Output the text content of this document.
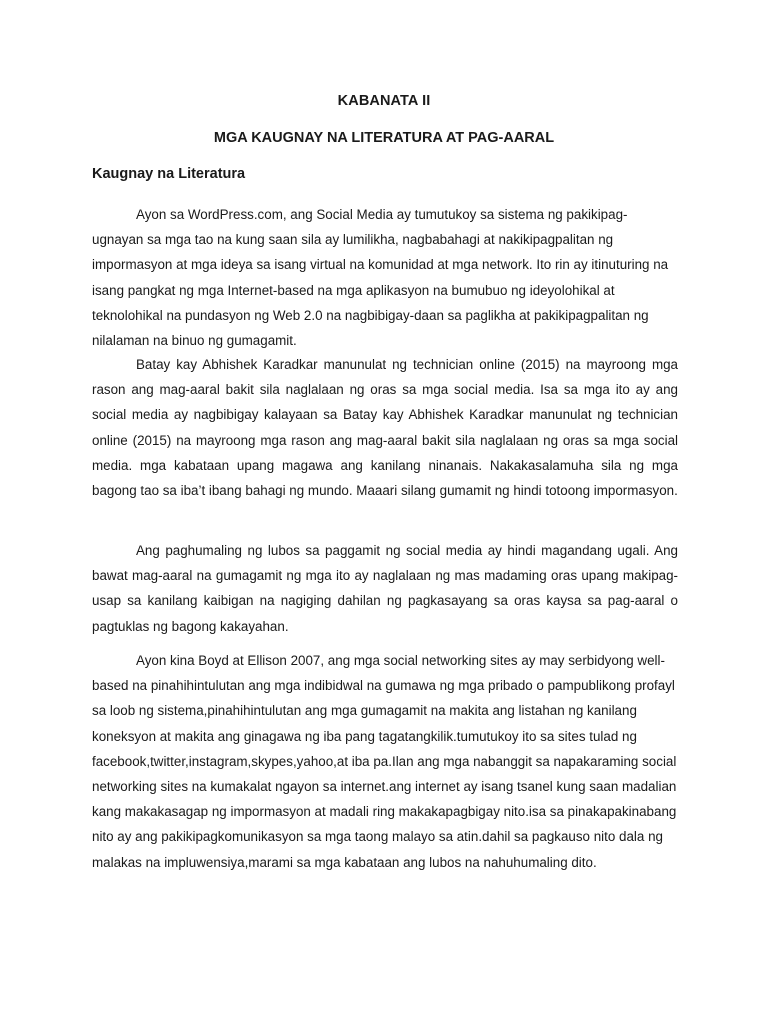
KABANATA II
MGA KAUGNAY NA LITERATURA AT PAG-AARAL
Kaugnay na Literatura

Ayon sa WordPress.com, ang Social Media ay tumutukoy sa sistema ng pakikipag-ugnayan sa mga tao na kung saan sila ay lumilikha, nagbabahagi at nakikipagpalitan ng impormasyon at mga ideya sa isang virtual na komunidad at mga network. Ito rin ay itinuturing na isang pangkat ng mga Internet-based na mga aplikasyon na bumubuo ng ideyolohikal at teknolohikal na pundasyon ng Web 2.0 na nagbibigay-daan sa paglikha at pakikipagpalitan ng nilalaman na binuo ng gumagamit.

Batay kay Abhishek Karadkar manunulat ng technician online (2015) na mayroong mga rason ang mag-aaral bakit sila naglalaan ng oras sa mga social media. Isa sa mga ito ay ang social media ay nagbibigay kalayaan sa Batay kay Abhishek Karadkar manunulat ng technician online (2015) na mayroong mga rason ang mag-aaral bakit sila naglalaan ng oras sa mga social media. mga kabataan upang magawa ang kanilang ninanais. Nakakasalamuha sila ng mga bagong tao sa iba’t ibang bahagi ng mundo. Maaari silang gumamit ng hindi totoong impormasyon.

Ang paghumaling ng lubos sa paggamit ng social media ay hindi magandang ugali. Ang bawat mag-aaral na gumagamit ng mga ito ay naglalaan ng mas madaming oras upang makipag-usap sa kanilang kaibigan na nagiging dahilan ng pagkasayang sa oras kaysa sa pag-aaral o pagtuklas ng bagong kakayahan.

Ayon kina Boyd at Ellison 2007, ang mga social networking sites ay may serbidyong well-based na pinahihintulutan ang mga indibidwal na gumawa ng mga pribado o pampublikong profayl sa loob ng sistema,pinahihintulutan ang mga gumagamit na makita ang listahan ng kanilang koneksyon at makita ang ginagawa ng iba pang tagatangkilik.tumutukoy ito sa sites tulad ng facebook,twitter,instagram,skypes,yahoo,at iba pa.Ilan ang mga nabanggit sa napakaraming social networking sites na kumakalat ngayon sa internet.ang internet ay isang tsanel kung saan madalian kang makakasagap ng impormasyon at madali ring makakapagbigay nito.isa sa pinakapakinabang nito ay ang pakikipagkomunikasyon sa mga taong malayo sa atin.dahil sa pagkauso nito dala ng malakas na impluwensiya,marami sa mga kabataan ang lubos na nahuhumaling dito.
